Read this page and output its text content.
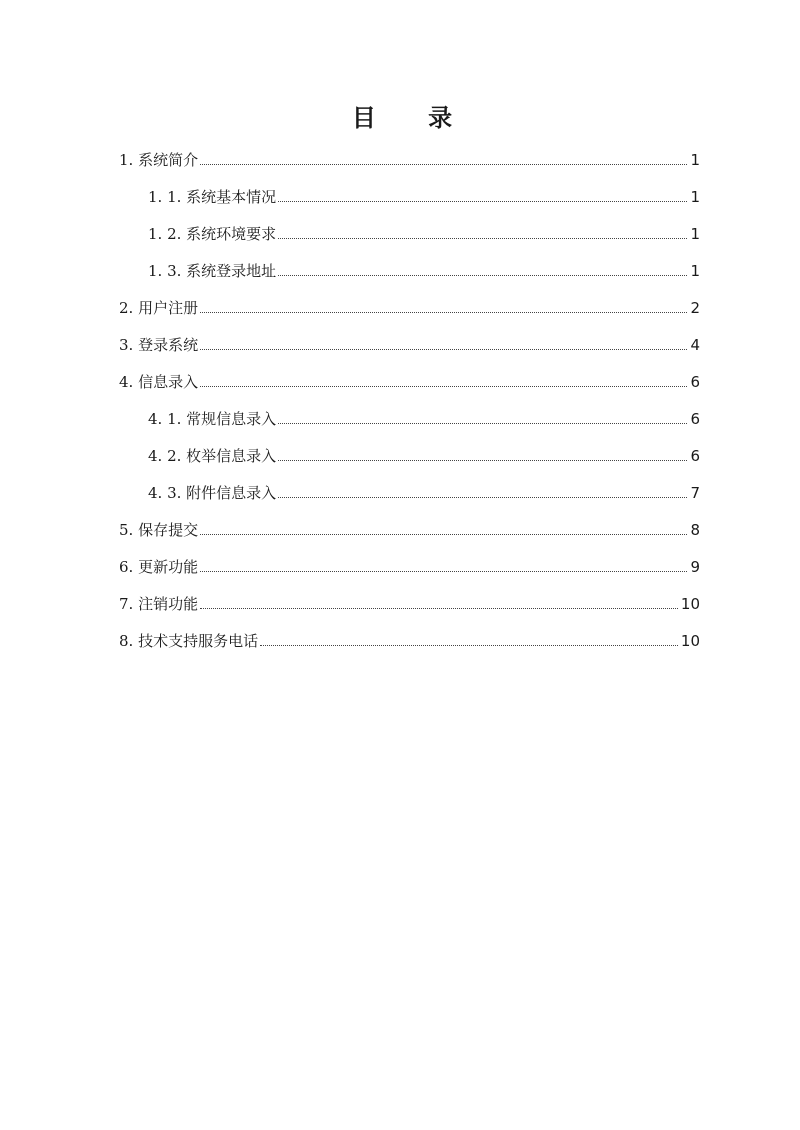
目 录
1. 系统简介	1
1. 1. 系统基本情况	1
1. 2. 系统环境要求	1
1. 3. 系统登录地址	1
2. 用户注册	2
3. 登录系统	4
4. 信息录入	6
4. 1. 常规信息录入	6
4. 2. 枚举信息录入	6
4. 3. 附件信息录入	7
5. 保存提交	8
6. 更新功能	9
7. 注销功能	10
8. 技术支持服务电话	10
